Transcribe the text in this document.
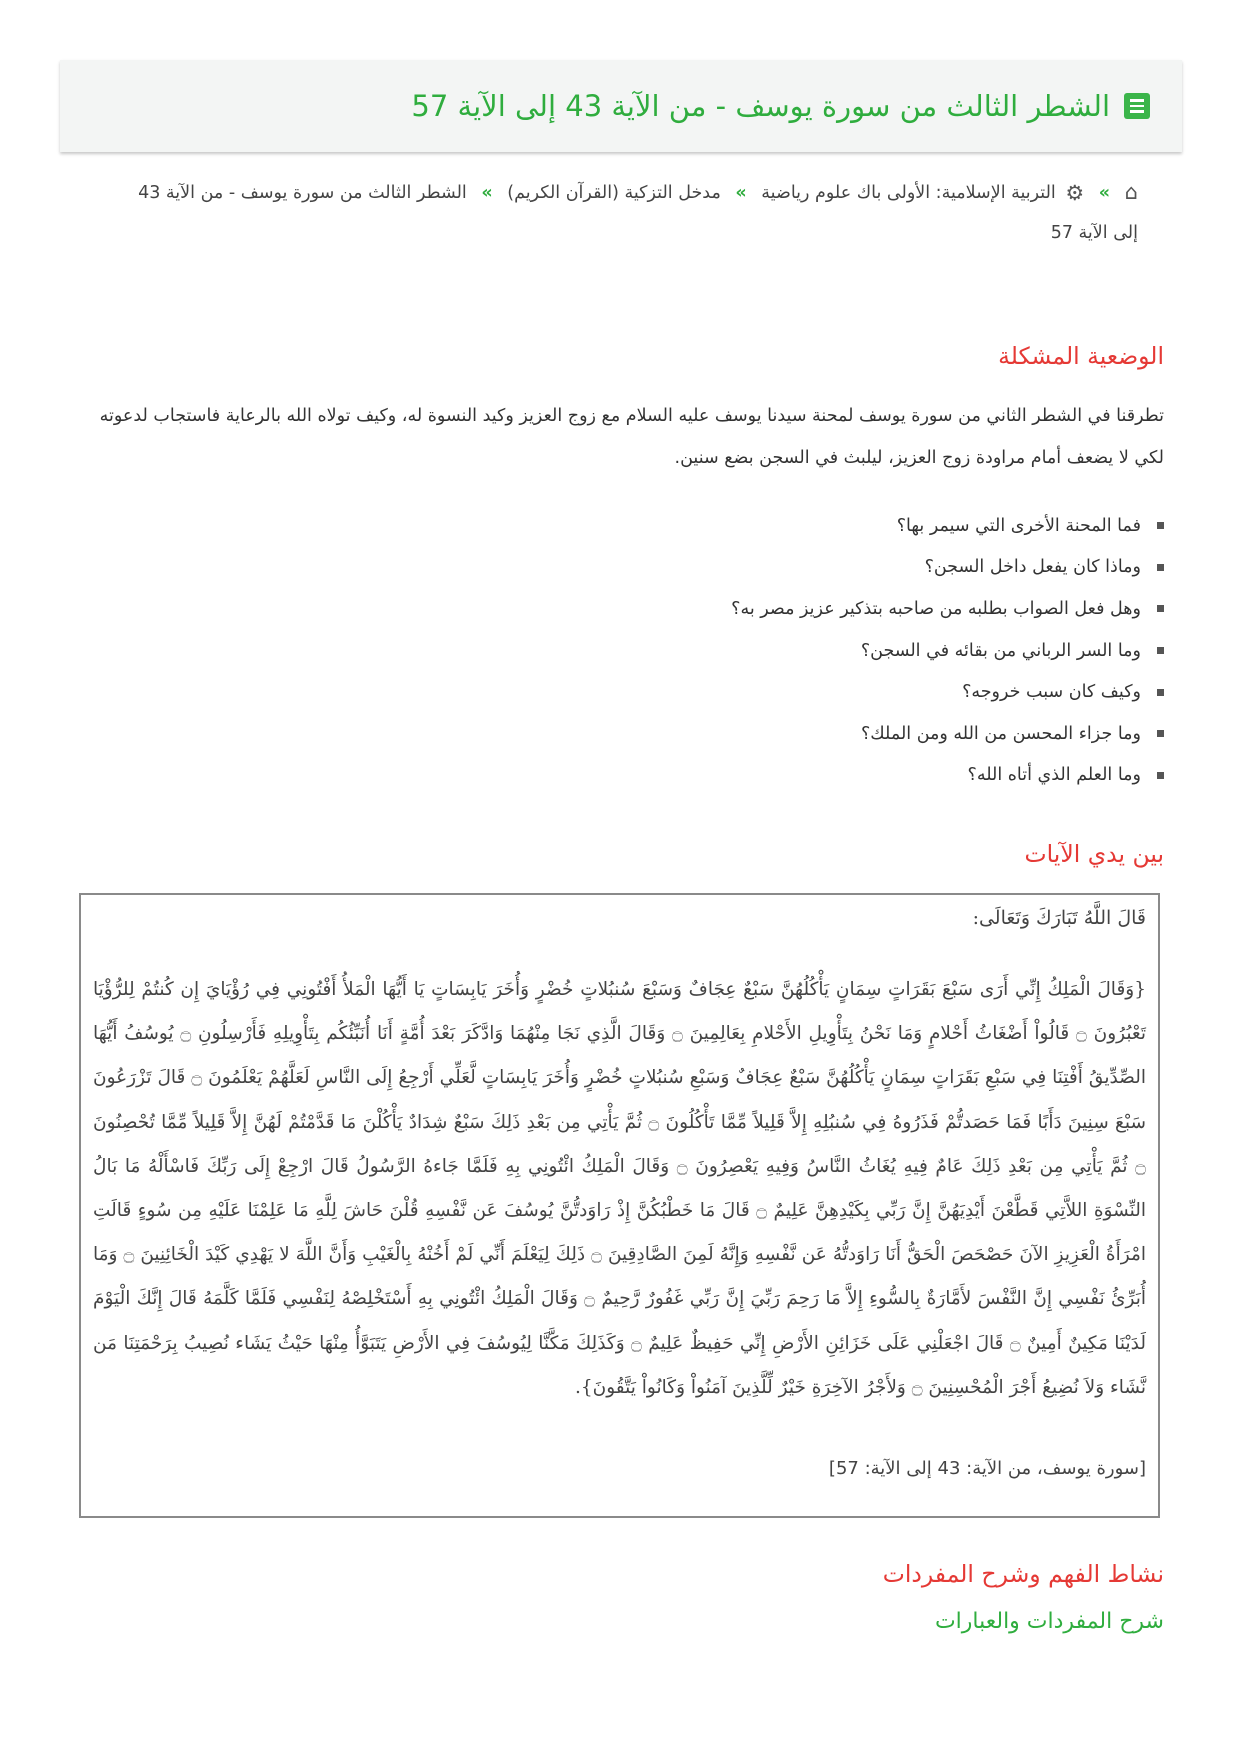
الشطر الثالث من سورة يوسف - من الآية 43 إلى الآية 57
⌂ » ⚙ التربية الإسلامية: الأولى باك علوم رياضية » مدخل التزكية (القرآن الكريم) » الشطر الثالث من سورة يوسف - من الآية 43 إلى الآية 57
الوضعية المشكلة

تطرقنا في الشطر الثاني من سورة يوسف لمحنة سيدنا يوسف عليه السلام مع زوج العزيز وكيد النسوة له، وكيف تولاه الله بالرعاية فاستجاب لدعوته لكي لا يضعف أمام مراودة زوج العزيز، ليلبث في السجن بضع سنين.

فما المحنة الأخرى التي سيمر بها؟
وماذا كان يفعل داخل السجن؟
وهل فعل الصواب بطلبه من صاحبه بتذكير عزيز مصر به؟
وما السر الرباني من بقائه في السجن؟
وكيف كان سبب خروجه؟
وما جزاء المحسن من الله ومن الملك؟
وما العلم الذي أتاه الله؟
بين يدي الآيات

قَالَ اللَّهُ تَبَارَكَ وَتَعَالَى:

{وَقَالَ الْمَلِكُ إِنِّي أَرَى سَبْعَ بَقَرَاتٍ سِمَانٍ يَأْكُلُهُنَّ سَبْعٌ عِجَافٌ وَسَبْعَ سُنبُلاتٍ خُضْرٍ وَأُخَرَ يَابِسَاتٍ يَا أَيُّهَا الْمَلأُ أَفْتُونِي فِي رُؤْيَايَ إِن كُنتُمْ لِلرُّؤْيَا تَعْبُرُونَ ۝ قَالُواْ أَضْغَاثُ أَحْلامٍ وَمَا نَحْنُ بِتَأْوِيلِ الأَحْلامِ بِعَالِمِينَ ۝ وَقَالَ الَّذِي نَجَا مِنْهُمَا وَادَّكَرَ بَعْدَ أُمَّةٍ أَنَا أُنَبِّئُكُم بِتَأْوِيلِهِ فَأَرْسِلُونِ ۝ يُوسُفُ أَيُّهَا الصِّدِّيقُ أَفْتِنَا فِي سَبْعِ بَقَرَاتٍ سِمَانٍ يَأْكُلُهُنَّ سَبْعٌ عِجَافٌ وَسَبْعِ سُنبُلاتٍ خُضْرٍ وَأُخَرَ يَابِسَاتٍ لَّعَلِّي أَرْجِعُ إِلَى النَّاسِ لَعَلَّهُمْ يَعْلَمُونَ ۝ قَالَ تَزْرَعُونَ سَبْعَ سِنِينَ دَأَبًا فَمَا حَصَدتُّمْ فَذَرُوهُ فِي سُنبُلِهِ إِلاَّ قَلِيلاً مِّمَّا تَأْكُلُونَ ۝ ثُمَّ يَأْتِي مِن بَعْدِ ذَلِكَ سَبْعٌ شِدَادٌ يَأْكُلْنَ مَا قَدَّمْتُمْ لَهُنَّ إِلاَّ قَلِيلاً مِّمَّا تُحْصِنُونَ ۝ ثُمَّ يَأْتِي مِن بَعْدِ ذَلِكَ عَامٌ فِيهِ يُغَاثُ النَّاسُ وَفِيهِ يَعْصِرُونَ ۝ وَقَالَ الْمَلِكُ ائْتُونِي بِهِ فَلَمَّا جَاءهُ الرَّسُولُ قَالَ ارْجِعْ إِلَى رَبِّكَ فَاسْأَلْهُ مَا بَالُ النِّسْوَةِ اللاَّتِي قَطَّعْنَ أَيْدِيَهُنَّ إِنَّ رَبِّي بِكَيْدِهِنَّ عَلِيمٌ ۝ قَالَ مَا خَطْبُكُنَّ إِذْ رَاوَدتُّنَّ يُوسُفَ عَن نَّفْسِهِ قُلْنَ حَاشَ لِلَّهِ مَا عَلِمْنَا عَلَيْهِ مِن سُوءٍ قَالَتِ امْرَأَةُ الْعَزِيزِ الآنَ حَصْحَصَ الْحَقُّ أَنَا رَاوَدتُّهُ عَن نَّفْسِهِ وَإِنَّهُ لَمِنَ الصَّادِقِينَ ۝ ذَلِكَ لِيَعْلَمَ أَنِّي لَمْ أَخُنْهُ بِالْغَيْبِ وَأَنَّ اللَّهَ لا يَهْدِي كَيْدَ الْخَائِنِينَ ۝ وَمَا أُبَرِّئُ نَفْسِي إِنَّ النَّفْسَ لأَمَّارَةٌ بِالسُّوءِ إِلاَّ مَا رَحِمَ رَبِّيَ إِنَّ رَبِّي غَفُورٌ رَّحِيمٌ ۝ وَقَالَ الْمَلِكُ ائْتُونِي بِهِ أَسْتَخْلِصْهُ لِنَفْسِي فَلَمَّا كَلَّمَهُ قَالَ إِنَّكَ الْيَوْمَ لَدَيْنَا مَكِينٌ أَمِينٌ ۝ قَالَ اجْعَلْنِي عَلَى خَزَائِنِ الأَرْضِ إِنِّي حَفِيظٌ عَلِيمٌ ۝ وَكَذَلِكَ مَكَّنَّا لِيُوسُفَ فِي الأَرْضِ يَتَبَوَّأُ مِنْهَا حَيْثُ يَشَاء نُصِيبُ بِرَحْمَتِنَا مَن نَّشَاء وَلاَ نُضِيعُ أَجْرَ الْمُحْسِنِينَ ۝ وَلأَجْرُ الآخِرَةِ خَيْرٌ لِّلَّذِينَ آمَنُواْ وَكَانُواْ يَتَّقُونَ}.

[سورة يوسف، من الآية: 43 إلى الآية: 57]

نشاط الفهم وشرح المفردات
شرح المفردات والعبارات
